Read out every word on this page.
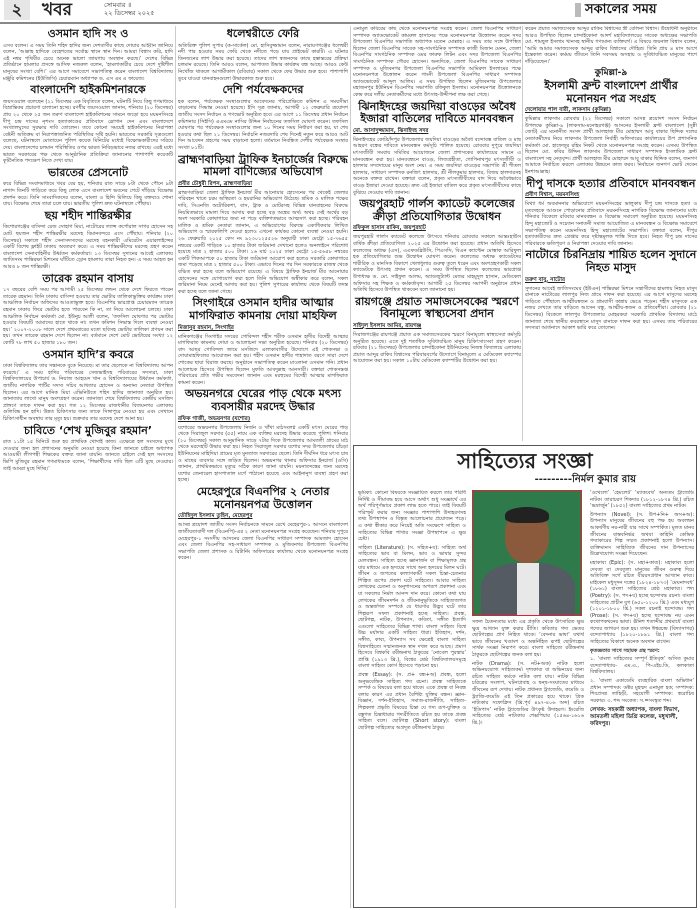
২	খবর	সোমবার ॥
২২ ডিসেম্বর ২০২৫	সকালের সময়
ওসমান হাদি সং ও

এসব বলেন। এ সময় তিনি শহিদ হাদির জন্য দেশবাসীর কাছে দোয়ার আহ্বান জানিয়ে বলেন, ‘আল্লাহ হাদিকে বেহেশতের সর্বোচ্চ স্থানে স্থান দিন। আমরা বিশ্বাস করি, হাদি এই নশ্বর পৃথিবীর চেয়ে অনেক ভালো জায়গায় অবস্থান করছে।’ দেশের বিভিন্ন প্রতিষ্ঠানে হামলার প্রসঙ্গে আসিফ নজরুল বলেন, ‘হামলাকারীর চেয়ে দেশে দুষ্টিশীল মানুষের সংখ্যা বেশি।’ এর আগে সমাবেশে সভাপতিত্ব করেন বাংলাদেশ বিশ্ববিদ্যালয় মঞ্জুরি কমিশনের (ইউজিসি) চেয়ারম্যান অধ্যাপক ড. এস এম এ ফায়েজ।

বাংলাদেশি হাইকমিশনারকে

জয়সওয়াল বলেছেন (২১ ডিসেম্বর এক বিবৃতিতে বলেন, ঘটনাটি নিয়ে কিছু গণমাধ্যমে বিভ্রান্তিকর প্রচারণা চালানো হচ্ছে। রণধীর জয়সওয়াল জানান, শনিবার (২০ ডিসেম্বর) প্রায় ২০ থেকে ২৫ জন তরুণ বাংলাদেশ হাইকমিশনের সামনে জড়ো হয়ে ময়মনসিংহে দীপু চন্দ্র দাসের নৃশংস হত্যাকাণ্ডের প্রতিবাদে স্লোগান দেন এবং বাংলাদেশে সংখ্যালঘুদের সুরক্ষার দাবি তোলেন। তবে কোনো সময়েই হাইকমিশনের নিরাপত্তা বেষ্টনী অতিক্রম বা নিরাপত্তাজনিত পরিস্থিতির সৃষ্টি হয়নি। ভারতের সরকারি সূত্রগুলো বলেছে, ঘটনাস্থলে মোতায়েন পুলিশ কয়েক মিনিটের মধ্যেই বিক্ষোভকারীদের সরিয়ে দেয়। বাংলাদেশের চলমান পরিস্থিতির ওপর ভারত নিবিড়ভাবে নজর রাখছে। এরই মধ্যে ভারত সরকারের পক্ষ থেকে আনুষ্ঠানিক প্রতিক্রিয়া জানানোর পাশাপাশি কয়েকটি কূটনৈতিক পদক্ষেপ নিতে দেখা যায়।

ভারতের প্রেসনোট

করে বিভিন্ন সংবাদমাধ্যমে খবর বের হয়, শনিবার রাত সাড়ে ৮টা থেকে পৌনে ৯টা নাগাদ তিনটি গাড়িতে করে কিছু লোক এসে বাংলাদেশ ভবনের গেটে দাঁড়িয়ে বিক্ষোভ প্রদর্শন করে। তিনি সাংবাদিকদের বলেন, বাংলা ও হিন্দি মিলিয়ে কিছু বক্তব্যও শোনা যায়। বিক্ষোভ শেষে তারা চলে যায়। ভারতীয় পুলিশ দ্রুত ঘটনাস্থলে পৌঁছায়।

ছয় শহীদ শান্তিরক্ষীর

কিশোরগঞ্জের বাসিন্দা রেজ সোহাগ মিয়া, নাটোরের ল্যান্স কর্পোরাল সাগর হোসেন সহ মোট ছয়জন শহীদ শান্তিরক্ষীর মরদেহ বিমানবন্দরে এসে পৌঁছায়। শনিবার (২০ ডিসেম্বর) সকালে শহীদ সেনাসদস্যদের মরদেহ বহনকারী এমিরেটস এয়ারলাইন্সের একটি বিশেষ ফ্লাইট ঢাকায় অবতরণ করে। এ সময় শান্তিরক্ষীদের মরদেহ গ্রহণ করেন বাংলাদেশ সেনাবাহিনীর উর্ধ্বতন কর্মকর্তারা। ১৩ ডিসেম্বর সুদানের আবেই এলাকায় জাতিসংঘ শান্তিরক্ষা মিশনের ঘাঁটিতে ড্রোন হামলায় তারা নিহত হন। এ সময় আহত হন আরও ৮ জন শান্তিরক্ষী।

তারেক রহমান বাসায়

১৭ বছরের বেশি সময় পর আগামী ২৫ ডিসেম্বর লন্ডন থেকে দেশে ফিরতে পারেন তারেক রহমান। তিনি ঢাকায় বাসিন্দা হওয়ায় তার ভোটার তালিকাভুক্তির কার্যক্রম ঢাকা আঞ্চলিক নির্বাচন অফিসের আওতাভুক্ত হবে। বিএনপির ভারপ্রাপ্ত চেয়ারম্যান তারেক রহমান ঢাকায় ফিরে ভোটার হতে পারবেন কি না, তা নিয়ে আলোচনা চলছে। ঢাকা আঞ্চলিক নির্বাচন কর্মকর্তা মো. ইউনুচ আলী বলেন, ‘তফসিল ঘোষণার পর ভোটার হওয়ার বিষয়টি আমাদের হাতে থাকে না। তখন কমিশন সিদ্ধান্ত দিলে ব্যবস্থা নেওয়া হয়।’ ২০০৭-২০০৮ সালে দেশে প্রথমবারের মতো ছবিসহ ভোটার তালিকা প্রণয়ন করা হয়। তখন তারেক রহমান দেশে ছিলেন না। বর্তমানে দেশে মোট ভোটারের সংখ্যা ১২ কোটি ৭৮ লাখ ৫০ হাজার ১৮০ জন।

ওসমান হাদি’র কবরে

ঢাকা বিশ্ববিদ্যালয় তার সন্তানকে বুকে নিয়েছে। মা তার ছেলেকে না বিশ্ববিদ্যালয় আপন করেছে।’ এ সময় হাদির পরিবারের সেজভাইসহ পরিবারের সদস্যরা, ঢাকা বিশ্ববিদ্যালয়ের উপাচার্য ড. নিয়াজ আহমেদ খান ও বিশ্ববিদ্যালয়ের উর্ধ্বতন কর্মকর্তা, জাতীয় নাগরিক পার্টির সদস্য সচিব আখতার হোসেন ও অন্যান্য নেতারা উপস্থিত ছিলেন। এর আগে মানিক মিয়া এভিনিউতে শহিদ হাদির জানাজা অনুষ্ঠিত হয়। জানাজায় লাখো মানুষ অংশগ্রহণ করেন। জানাজা শেষে বিশ্ববিদ্যালয় কেন্দ্রীয় মসজিদ প্রাঙ্গণে তাকে দাফন করা হয়। গত ১২ ডিসেম্বর রাজধানীর বিজয়নগর এলাকায় গুলিবিদ্ধ হন হাদি। উন্নত চিকিৎসার জন্য তাকে সিঙ্গাপুরে নেওয়া হয় এবং সেখানে চিকিৎসাধীন অবস্থায় তার মৃত্যু হয়। শুক্রবার তার মরদেহ দেশে আনা হয়।

চাবিতে ‘শেখ মুজিবুর রহমান’

রাত ১১টা ১৫ মিনিটে শুরু হয় প্রাথমিক খোদাই কাজ। এক্ষেত্রে হল সংসদের মুখে দেওয়ার জন্য হল প্রশাসনের অনুমতি নেওয়া হয়েছে কিনা জানতে চাইলে অধ্যাপক আওয়ামী লীগপন্থী শিক্ষকের বক্তব্য জানা যায়নি। জানতে চাইলে সেই হল সংসদের ভিপি মুজিবুর রহমান গণমাধ্যমকে বলেন, ‘শিক্ষার্থীদের দাবি ছিল এটি মুছে দেওয়ার। তাই আমরা মুছে দিচ্ছি।’

ধলেশ্বরীতে ফেরি

অতিরিক্ত পুলিশ সুপার (ক-সার্কেল) মো. হাসিবুজ্জামান বলেন, নারায়ণগঞ্জের ধলেশ্বরী নদী পার হওয়ার সময় ফেরি থেকে নদীতে পড়ে যায় প্রাইভেট কারটি। এ ঘটনার তিনজনের লাশ উদ্ধার করা হয়েছে। তাদের লাশ স্বজনদের কাছে হস্তান্তরের প্রক্রিয়া চলমান রয়েছে। তিনি আরও বলেন, আপাতত উদ্ধার কার্যক্রম বন্ধ আছে। আরও কেউ নিখোঁজ থাকলে আগামীকাল (রবিবার) সকাল থেকে ফের উদ্ধার শুরু হবে। পাশাপাশি ডুবে যাওয়া যানবাহনগুলো উদ্ধারকাজ শুরু হবে।

দেশি পর্যবেক্ষকদের

হক বলেন, পর্যবেক্ষক সংস্থাগুলোর আবেদনের পরিপ্রেক্ষিতে কমিশন এ সময়সীমা বাড়ানোর সিদ্ধান্ত নেওয়া হয়েছে। ইসি সূত্র জানায়, আগামী ১২ ফেব্রুয়ারি ত্রয়োদশ জাতীয় সংসদ নির্বাচন ও গণভোট অনুষ্ঠিত হবে। এর আগে ১১ ডিসেম্বর প্রধান নির্বাচন কমিশনার (সিইসি) এএমএম নাসির উদ্দিন নির্বাচনের তফসিল ঘোষণা করেন। তফসিল ঘোষণার পর পর্যবেক্ষক সংস্থাগুলোর জন্য ১০ দিনের সময় নির্ধারণ করা হয়, যা শেষ হওয়ার কথা ছিল ২১ ডিসেম্বর। নির্বাচনি নজরদারি শেষ দিনেই নতুন করে আরও আট দিন আবেদন গ্রহণের সময় বাড়ানো হলো। বর্তমানে নিবন্ধিত দেশীয় পর্যবেক্ষক সংস্থার সংখ্যা ৮১টি।

ব্রাহ্মণবাড়িয়া ট্রাফিক ইনচার্জের বিরুদ্ধে মামলা বাণিজ্যের অভিযোগ
প্রবীর চৌধুরী রিপন, ব্রাহ্মণবাড়িয়া

ব্রাহ্মণবাড়িয়া জেলা ট্রাফিক ইনচার্জ মীর আনোয়ার হোসেনের পর থেকেই জেলার পরিবহন খাতে চরম অস্থিরতা ও হয়রানির অভিযোগ উঠেছে। শ্রমিক ও মালিক পক্ষের দাবি, সিএনজি অটোরিকশা, বাস, ট্রাক ও মোটরসহ বিভিন্ন যানবাহনের বিরুদ্ধে নিয়মিতভাবে মামলা দিয়ে আদায় করা হচ্ছে বড় অঙ্কের অর্থ। অথচ সেই অর্থের বড় অংশ সরকারি কোষাগারে জমা না পড়ে ব্যক্তিগতভাবে আত্মসাৎ করা হচ্ছে। পরিবহন মালিক ও শ্রমিক নেতারা জানান, এ অভিযোগের বিরুদ্ধে একাধিকবার লিখিত অভিযোগ ও স্মারকলিপি দেওয়া হলেও এখনো কার্যকর কোনো ব্যবস্থা নেওয়া হয়নি। ২৬ ফেব্রুয়ারি ২০২৫ কেস নং ৯২৩০১২৫৫২৬ অনুযায়ী ঢাকা মেট্রো ১৫-৭৬৫৫ নম্বরের একটি গাড়িকে ১০ হাজার টাকা জরিমানা দেখানো হলেও অনলাইনে পরিশোধ হয়েছে মাত্র ২ হাজার ৫০০ টাকা। ১৬ মার্চ ২০২৫ ঢাকা মেট্রো ১৫-৫৬৫৮ নম্বরের একটি পিকআপকে ৫০ হাজার টাকা জরিমানা আরোপ করা হলেও সরকারি কোষাগারে জমা পড়েছে মাত্র ২ হাজার ৫০০ টাকা। এভাবে দিনের পর দিন সরকারকে রাজস্ব থেকে বঞ্চিত করা হচ্ছে বলে অভিযোগ রয়েছে। এ বিষয়ে ট্রাফিক ইনচার্জ মীর আনোয়ার হোসেনের সঙ্গে যোগাযোগ করা হলে তিনি অভিযোগ অস্বীকার করে বলেন, সকল জরিমানা নিয়ম মেনেই আদায় করা হয়। পুলিশ সুপারের কার্যালয় থেকে বিষয়টি তদন্ত করা হচ্ছে বলে জানা গেছে।

সিংগাইরে ওসমান হাদীর আত্মার মাগফিরাত কামনায় দোয়া মাহফিল
মিজানুর রহমান, সিংগাইর

মানিকগঞ্জের সিংগাইর সদরের গোবিন্দল শহীদ শরীফ ওসমান হাদীর বিদেহী আত্মার মাগফিরাত কামনায় দোয়া ও আলোচনা সভা অনুষ্ঠিত হয়েছে। শনিবার (২০ ডিসেম্বর) বাদ আছর গোবিন্দল জামে মসজিদে এলাকাবাসীর উদ্যোগে এই শোকসভা ও দোয়ামাহফিলের আয়োজন করা হয়। শহীদ ওসমান হাদীর শাহাদাত বরণে সারা দেশে শোকের ছায়া বিরাজ করছে। অনুষ্ঠানে সভাপতিত্ব করেন মাওলানা ওসমান গনি। প্রধান আলোচক হিসেবে উপস্থিত ছিলেন মুফতি আবদুল্লাহ আনসারী। বক্তারা শোকসন্তপ্ত পরিবারের প্রতি গভীর সমবেদনা জানান এবং মরহুমের বিদেহী আত্মার মাগফিরাত কামনা করেন।

অভয়নগরে ঘেরের পাড় থেকে মৎস্য ব্যবসায়ীর মরদেহ উদ্ধার
রফিক গাজী, অভয়নগর (যশোর)

যশোরের অভয়নগর উপজেলায় নির্জন ও খাঁখা মাঠসংলগ্ন একটি মৎস্য ঘেরের পাড় থেকে সিরাজুল সরদার (৫৫) নামে এক ব্যক্তির মরদেহ উদ্ধার করেছে পুলিশ। শনিবার (২০ ডিসেম্বর) সকাল আনুমানিক সাড়ে ৭টার দিকে উপজেলার আমতলী গ্রামের মাঠ থেকে মরদেহটি উদ্ধার করা হয়। নিহত সিরাজুল সরদার যশোর সদর উপজেলার চাঁচড়া ইউনিয়নের মাহিদিয়া গ্রামের মৃত মুনতাজ সরদারের ছেলে। তিনি দীর্ঘদিন ধরে মৎস্য চাষ ও মাছের ব্যবসার সঙ্গে জড়িত ছিলেন। অভয়নগর থানার অফিসার ইনচার্জ (ওসি) জানান, প্রাথমিকভাবে মৃত্যুর সঠিক কারণ জানা যায়নি। ময়নাতদন্তের জন্য মরদেহ যশোর জেনারেল হাসপাতাল মর্গে পাঠানো হয়েছে এবং আইনানুগ ব্যবস্থা গ্রহণ করা হচ্ছে।

মেহেরপুরে বিএনপির ২ নেতার মনোনয়নপত্র উত্তোলন
তৌহিদুল ইসলাম তুহিন, মেহেরপুর

আসন্ন ত্রয়োদশ জাতীয় সংসদ নির্বাচনকে সামনে রেখে মেহেরপুর-১ আসনে বাংলাদেশ জাতীয়তাবাদী দল (বিএনপি)-এর ২ নেতা মনোনয়নপত্র সংগ্রহ করেছেন। শনিবার দুপুরে মেহেরপুর-১ সংসদীয় আসনের জেলা বিএনপির সাধারণ সম্পাদক আমজাদ হোসেন এবং জেলা বিএনপির সহ-সাধারণ সম্পাদক ও মুজিবনগর উপজেলা বিএনপির সভাপতি জেলা প্রশাসক ও রিটার্নিং অফিসারের কার্যালয় থেকে মনোনয়নপত্র সংগ্রহ করেন।

এনামুল কবিরের কাছ থেকে মনোনয়নপত্র সংগ্রহ করেন। জেলা বিএনপির সাধারণ সম্পাদক অ্যাডভোকেট কামরুল হাসানের পক্ষে মনোনয়নপত্র উত্তোলন করেন সদর উপজেলা বিএনপির সভাপতি অধ্যাপক মতেন মোল্লাহ। এ সময় তার সঙ্গে উপস্থিত ছিলেন জেলা বিএনপির সাবেক সহ-সাংগঠনিক সম্পাদক কাজী মিজান মেনন, জেলা বিএনপির সাংগঠনিক সম্পাদক ওমর ফারুক লিটন এবং সদর উপজেলা বিএনপির সাংগঠনিক সম্পাদক গৌরব হোসেন। অন্যদিকে, জেলা বিএনপির সাবেক সাধারণ সম্পাদক ও মুজিবনগর উপজেলা বিএনপির সভাপতি আমিরুল ইসলামের পক্ষে মনোনয়নপত্র উত্তোলন করেন গাংনী উপজেলা বিএনপির সাধারণ সম্পাদক অ্যাডভোকেট আব্দুল আলিম। এ সময় উপস্থিত ছিলেন মুজিবনগর উপজেলার মহাজনপুর ইউনিয়ন বিএনপির সভাপতি রফিকুল ইসলাম। মনোনয়নপত্র উত্তোলনকে কেন্দ্র করে দলীয় নেতাকর্মীদের মধ্যে উৎসাহ-উদ্দীপনা লক্ষ করা গেছে।

ঝিনাইদহের জয়দিয়া বাওড়ের অবৈধ ইজারা বাতিলের দাবিতে মানববন্ধন
মো. আসাদুজ্জামান, ঝিনাইদহ সদর

ঝিনাইদহের কোটচাঁদপুর উপজেলার জয়দিয়া বাওড়ের অবৈধ বন্দোবস্ত বাতিল ও মাছ আহরণ বন্ধের দাবিতে মানববন্ধন কর্মসূচি পালিত হয়েছে। রোববার দুপুরে জয়দিয়া মৎস্যজীবী সমবায় সমিতির আয়োজনে জেলা প্রশাসকের কার্যালয়ের সামনে এ মানববন্ধন করা হয়। মানববন্ধনে বাওড়, লিজগ্রহীতা, গোপিনাথপুর মৎস্যজীবী ও হালদার সম্প্রদায়ের মানুষ অংশ নেয়। এ সময় জয়দিয়া বাওড়ের সভাপতি শ্রী শীতল হালদার, সাধারণ সম্পাদক রনজিৎ হালদার, শ্রী নীলকুমার হালদার, বিজয় হালদারসহ অনেকে বক্তব্য রাখেন। বক্তারা বলেন, প্রকৃত মৎস্যজীবীদের বাদ দিয়ে অবৈধভাবে বাওড় ইজারা দেওয়া হয়েছে। দ্রুত এই ইজারা বাতিল করে প্রকৃত মৎস্যজীবীদের কাছে বুঝিয়ে দেওয়ার দাবি জানান।

জয়পুরহাট গার্লস ক্যাডেট কলেজের ক্রীড়া প্রতিযোগিতার উদ্বোধন
রফিকুল হাসান রাকিব, জয়পুরহাট

জয়পুরহাট গার্লস ক্যাডেট কলেজে উৎসবে শনিবার রোববার সকালে আন্তঃহাউস বার্ষিক ক্রীড়া প্রতিযোগিতা ২০২৫ এর উদ্বোধন করা হয়েছে। প্রধান অতিথি হিসেবে কলেজের অধ্যক্ষ (এস), এএফডব্লিউসি, পিএসসি, বিএন ক্যাপ্টেন মোস্তাক আরিফুল হক প্রতিযোগিতার শুভ উদ্বোধন ঘোষণা করেন। কলেজের অধ্যক্ষ ক্যাডেটদের শারীরিক ও মানসিক বিকাশে খেলাধুলার গুরুত্ব তুলে ধরেন এবং অংশগ্রহণকারী সকল ক্যাডেটকে উৎসাহ প্রদান করেন। এ সময় উপস্থিত ছিলেন কলেজের ভারপ্রাপ্ত উপাধ্যক্ষ ড. মো. সাইফুল আলম, অ্যাডজুট্যান্ট মেজর মাহমুদুল হাসান, মেডিকেল অফিসার সহ শিক্ষক ও কর্মকর্তাবৃন্দ। আগামী ২৫ ডিসেম্বর সমাপনী অনুষ্ঠানে প্রধান অতিথি হিসেবে উপস্থিত থাকবেন বলে জানানো হয়।

রায়গঞ্জে প্রয়াত সমাজসেবকের স্মরণে বিনামূল্যে স্বাস্থ্যসেবা প্রদান
সাইদুল ইসলাম আমির, রায়গঞ্জ

সিরাজগঞ্জের রায়গঞ্জে প্রয়াত এক সমাজসেবকের স্মরণে বিনামূল্যে স্বাস্থ্যসেবা কর্মসূচি অনুষ্ঠিত হয়েছে। এতে দুই শতাধিক সুবিধাবঞ্চিত মানুষ চিকিৎসাসেবা গ্রহণ করেন। রবিবার (২১ ডিসেম্বর) উপজেলার চান্দাইকোনা ইউনিয়নের নিজস্ব বিদ্যালয়ে এলাকায় প্রয়াত আব্দুর রাকিব বিশ্বাসের পরিবারবর্গের উদ্যোগে বিনামূল্যে এ মেডিকেল ক্যাম্পের আয়োজন করা হয়। সকাল ১০টায় মেডিকেল ক্যাম্পটির উদ্বোধন করা হয়।

করেন প্রয়াত সমাজসেবক আব্দুর রাকিব বিশ্বাসের স্ত্রী বেলিনা বিশ্বাস। উদ্বোধনী অনুষ্ঠানে আরও উপস্থিত ছিলেন চান্দাইকোনা আদর্শ মহাবিদ্যালয়ের সাবেক অধ্যক্ষের সভাপতি মো. শামছুল ইসলাম খানসহ স্থানীয় গণ্যমান্য ব্যক্তিবর্গ। এ বিষয়ে জয়নাল বিশ্বাস বলেন, ‘আমি আমার সমাজসেবক আব্দুর রাকিব বিশ্বাসের দৌহিত্র। তিনি প্রায় ৪ মাস আগে ইন্তেকাল করেন। কর্মময় জীবনে তিনি সবসময় অসহায় ও সুবিধাবঞ্চিত মানুষের পাশে দাঁড়িয়েছেন।’

কুমিল্লা-৯
ইসলামী ফ্রন্ট বাংলাদেশ প্রার্থীর মনোনয়ন পত্র সংগ্রহ
দেলোয়ার পাল বারী, লাকসাম (কুমিল্লা)

কুমিল্লার লাকসাম রোববার (২২ ডিসেম্বর) সকালে আসন্ন ত্রয়োদশ সংসদ নির্বাচন উপলক্ষে কুমিল্লা-৯ (লাকসাম-মনোহরগঞ্জ) আসনের ইসলামী ফ্রন্ট বাংলাদেশ (সুন্নী জোট) এর মনোনীত সংসদ প্রার্থী আলহাজ মীর মোহাম্মদ আবু বাকার ছিদ্দিক দলের নেতাকর্মীদের নিয়ে লাকসাম উপজেলা নির্বাহী অফিসারের কার্যালয়ের উপ প্রশাসনিক কর্মকর্তা মো. হাফেজুর রহিম নিকট থেকে মনোনয়নপত্র সংগ্রহ করেন। এসময় উপস্থিত ছিলেন মো. কবির উদ্দিন লাকসাম উপজেলা সাধারণ সম্পাদক ইসলামিক ফ্রন্ট বাংলাদেশ সহ নেতৃবৃন্দ। প্রার্থী আলহাজ মীর মোহাম্মদ আবু বাকার ছিদ্দিক বলেন, জনগণ আমাকে নির্বাচিত করলে এলাকার উন্নয়নে কাজ করব। নির্বাচনে জনগণ ভোট দেবেন ইনশাআল্লাহ।

দীপু দাসকে হত্যার প্রতিবাদে মানববন্ধন
প্রবীণ বিশ্বাস, ময়মনসিংহ

মিথ্যা ধর্ম অবমাননার অভিযোগে ময়মনসিংহের ভালুকায় দীপু চন্দ্র দাসকে হত্যা ও মৃতদেহকে আগুনে পোড়ানোর প্রতিবাদে ময়মনসিংহে নাগরিক বিক্ষোভ জানানোর মধ্যে শনিবার বিকেলে রবিবার মানববন্ধন ও বিক্ষোভ সমাবেশ অনুষ্ঠিত হয়েছে। ময়মনসিংহ হিন্দু মহাজোট ও সচেতন সনাতনী সমাজ আয়োজিত এ মানববন্ধন ও বিক্ষোভ সমাবেশে সভাপতিত্ব করেন ময়মনসিংহ হিন্দু মহাজোটের সভাপতি। বক্তারা বলেন, দীপুর হত্যাকারীদের দ্রুত গ্রেপ্তার করে দৃষ্টান্তমূলক শাস্তি দিতে হবে। নিহত দীপু চন্দ্র দাসের পরিবারকে ক্ষতিপূরণ ও নিরাপত্তা দেওয়ার দাবি জানান।

নাটোরে চিরনিদ্রায় শায়িত হলেন সুদানে নিহত মাসুদ
তরুণ বাবু, নাটোর

সুদানের আবেই জাতিসংঘের (ইউএন) শান্তিরক্ষা মিশনে সন্ত্রাসীদের হামলায় নিহত মাসুদ রানাকে নাটোরের লালপুর নিজ গ্রামে দাফন করা হয়েছে। এর আগে মাসুদের মরদেহ গাড়িতে পৌঁছালে আত্মীয়স্বজন ও গ্রামবাসী কান্নায় ভেঙে পড়েন। শহীদ মাসুদকে এক নজর দেখতে তার বাড়িতে আসেন বন্ধু, আত্মীয়-স্বজন ও প্রতিবেশীরা। রোববার (২১ ডিসেম্বর) বিকেলে লালপুর উপজেলার মোহরকয়া সরকারি প্রাথমিক বিদ্যালয় মাঠে জানাজা শেষে স্থানীয় কবরস্থানে মাসুদ রানাকে দাফন করা হয়। এসময় তার পরিবারের সদস্যরা আর্তনাদে আকাশ ভারি করে তোলেন।

সাহিত্যের সংজ্ঞা
---------নির্মল কুমার রায়

ভূমিকা: কোনো বিষয়কে সংজ্ঞায়িত করলে তার পরিধি নির্দিষ্ট ও সীমাবদ্ধ হয়ে আসে অর্থাৎ শুধু সংজ্ঞার্থে এর অর্থ পরিপূর্ণভাবে প্রকাশ লাভ হতে পারে। তাই বিষয়টি পরিস্ফুট করার জন্য সংজ্ঞার পাশাপাশি উদাহরণসহ তথ্য উপস্থাপন ও বিস্তৃত আলোচনার প্রয়োজন পড়ে। এ কথা স্বীকার করে নিয়েই অতি সংক্ষেপে সাহিত্য ও সাহিত্যের বিভিন্ন শাখার সংজ্ঞা উপস্থাপনে এ ক্ষুদ্র চেষ্টা।

সাহিত্য (Literature): (স. সহিত+য): সাহিত্য অর্থ সাহিত্যের ভাব বা মিলন, ভাব ও ভাষার সুন্দর মেলবন্ধন। সাহিত্য হচ্ছে জ্ঞানার্জন বা শিক্ষামূলক গ্রন্থ যার মাধ্যমে এক হৃদয়ের সাথে অন্য হৃদয়ের মিলন ঘটে। জীবন ও জগতের কল্যাণকামী সকল চিন্তা-চেতনার শিল্পিত রূপের প্রকাশ ঘটে সাহিত্যে। আবার সাহিত্য লেখকের চেতনা ও অনুশাসনের অপরূপ প্রকাশনা এবং যা সকলের নির্মল আনন্দ দান করে। কোনো কথা যায় লেখকের জীবনদর্শন ও জীবনানুভূতিকে সাহিত্যজগত ও অন্তর্জগত সম্পর্কে যে ধারণার উদ্ভব ঘটে তার শিল্পরূপ সফল প্রকাশনাই হচ্ছে সাহিত্য। প্রবন্ধ, ছোটগল্প, নাটক, উপন্যাস, কবিতা, সঙ্গীত ইত্যাদি এগুলো সাহিত্যের বিভিন্ন শাখা। বাংলা সাহিত্য বিশ্বে উচ্চ মর্যাদার একটি সাহিত্য ধারা। ইতিহাস, দর্শন, সঙ্গীত, কাব্য, উপন্যাস সব ক্ষেত্রেই বাংলা সাহিত্য বিশ্বসাহিত্যে সম্মানজনক স্থান দখল করে আছে। প্রমাণ হিসেবে বিশ্বকবি রবীন্দ্রনাথ ঠাকুরের ‘নোবেল পুরস্কার’ প্রাপ্তি (১৯১৩ খ্রি.), বিশ্বের শ্রেষ্ঠ বিশ্ববিদ্যালয়সমূহে বাংলা সাহিত্য কোর্স হিসেবে পড়ানো হয়।

প্রবন্ধ (Essay): (স. প্র+ বন্ধ+অ) প্রবন্ধ, হলো অনুভবেন্দ্রিক সাহিত্য গদ্য রচনা। প্রবন্ধ সাহিত্যকে সম্পর্ক ও বিষয়ের বলা হয়ে থাকে। একে প্রবন্ধ বা নিবন্ধ বলার কারণ এর প্রধান বৈশিষ্ট্য যুক্তির বন্ধন। জ্ঞান-বিজ্ঞান, দর্শন-ইতিহাস, সমাজ-রাজনীতি, সাহিত্য-শিল্পকলা প্রভৃতি বিষয়ের চিন্তা যে গদ্য রূপ-যুক্তিক ও বস্তুগত চিন্তাধারার গদ্যরীতিতে রচিত হয় তাকে প্রবন্ধ সাহিত্য বলে। ছোটগল্প (Short story): বাংলা ছোটগল্প সাহিত্যের অগ্রদূত রবীন্দ্রনাথ ঠাকুর।

সফল চৈতন্যতার মধ্যে এর প্রকৃতি থেকে উৎসারিত ক্ষুদ্র ক্ষুদ্র আখ্যান যুক্ত করার রীতি। কবিতার গদ্য ভেতর ছোটগল্পের প্রাণ নিহিত থাকে। ‘বেদনার ভাষা’ যথার্থ ভাবে জীবনের খণ্ডাংশ ও অন্তর্নিহিত রূপই ছোটগল্পের সার্থক সংজ্ঞা নিরূপণ করে। বাংলা সাহিত্যে রবীন্দ্রনাথ ঠাকুরকে ছোটগল্পের জনক বলা হয়।

নাটক (Drama): (স. নট+অক) নাটক হলো অভিনয়যোগ্য সাহিত্যকর্ম। দৃশ্যকাব্য বা অভিনয়ের জন্য রচিত সাহিত্য কর্মকে নাটক বলা যায়। নাটক বিভিন্ন চরিত্রের সংলাপ, ঘটনাপ্রবাহ ও দ্বন্দ্ব-সংঘাতের মাধ্যমে জীবনের রূপ দেখায়। নাটক প্রধানত ট্র্যাজেডি, কমেডি ও ট্র্যাজি-কমেডি এই তিন প্রকারের হয়ে থাকে। গ্রিক নাট্যকার সফোক্লিস (খ্রি.পূর্ব ৪৯৭-৪০৬ অব্দ) রচিত ‘ইডিপাস’ নাটক ট্র্যাজেডির উৎকৃষ্ট উদাহরণ। ইংরেজি সাহিত্যের শ্রেষ্ঠ নাট্যকার শেক্সপিয়ার (১৫৬৪-১৬১৬ খ্রি.)।

‘ওথেলো’ ‘হেমলেট’ ‘ম্যাকবেথ’ অন্যতম ট্রাজেডি নাটক। তারাচরণ শিকদার (১৮১২-১৮৭৪ খ্রি.) রচিত ‘ভদ্রার্জুন’ (১৮৫২) বাংলা সাহিত্যের প্রথম নাটক।

উপন্যাস (Novel): (স. উপ+নি+ অস+অ): উপন্যাস মানুষের জীবনের বহু পক্ষ হয় অবলম্বন আকর্ষণীয় নর-নারী যার সাথে সম্পর্কিত। মূলত মানব জীবনের বাস্তবনির্ভর অথবা কাহিনি কেন্দ্রিক গদ্যাকারের শিল্প সম্মত প্রকাশনাই হলো উপন্যাস। ব্যক্তিমানস সাহিত্যিক জীবনের দান উপন্যাসের উল্লেখযোগ্য সংজ্ঞা দিয়েছেন।

মহাকাব্য (Epic): (স. মহা+কাব্য): মহাকাব্য হলো দেবতা বা দেবতুল্য মানুষের জীবন গুরুত্ব দিয়ে অতিবিক্ত সর্গে রচিত বীররসপ্রধান আখ্যান কাব্য। মাইকেল মধুসূদন দত্তের (১৮২৪-১৮৭৩) ‘মেঘনাদবধ’ (১৮৬১) বাংলা সাহিত্যের শ্রেষ্ঠ মহাকাব্য। পদ্য (Poetry): (স. পদ+য) হচ্ছে ছন্দোবদ্ধ রচনা। বাংলা সাহিত্যের প্রাচীন যুগ (৬৫০-১২০০ খ্রি.) এবং মধ্যযুগ (১২০১-১৮০০ খ্রি.) সকল রচনাই ছন্দোবদ্ধ। গদ্য (Prose): (স. গদ+য) হচ্ছে ছন্দোবদ্ধ নয় এমন কথোপকথনের ভাষা। ঊনিশ শতাব্দীর প্রথমার্ধে বাংলা গদ্যের জাগরণ শুরু হয়। তখন ঈশ্বরচন্দ্র (বিদ্যাসাগর) বন্দ্যোপাধ্যায় (১৮২০-১৮৯১ খ্রি.) বাংলা গদ্য সাহিত্যের বিকাশে অনেক অবদান রাখেন।

কৃতজ্ঞতার সাথে সহায়ক গ্রন্থ স্মরণ:

১. ‘বাংলা সাহিত্যের সম্পূর্ণ ইতিবৃত্ত’ অসিত কুমার বন্দ্যোপাধ্যায়- এম.এ., পি-এইচ.ডি, কলকাতা বিশ্ববিদ্যালয়।

২. ‘বাংলা একাডেমি ব্যবহারিক বাংলা অভিধান’ প্রধান সম্পাদক: ডক্টর মুহম্মদ এনামুল হক; সম্পাদক: শিবপ্রসন্ন লাহিড়ী, সহযোগী সম্পাদক: স্বরোচিষ সরকার। ৩. শব্দ সংকেত: স.=সংস্কৃত শব্দ।

লেখক: সহকারী অধ্যাপক, বাংলা বিভাগ, আমতলী মহিলা ডিগ্রি কলেজ, মধুখালী, ফরিদপুর।
